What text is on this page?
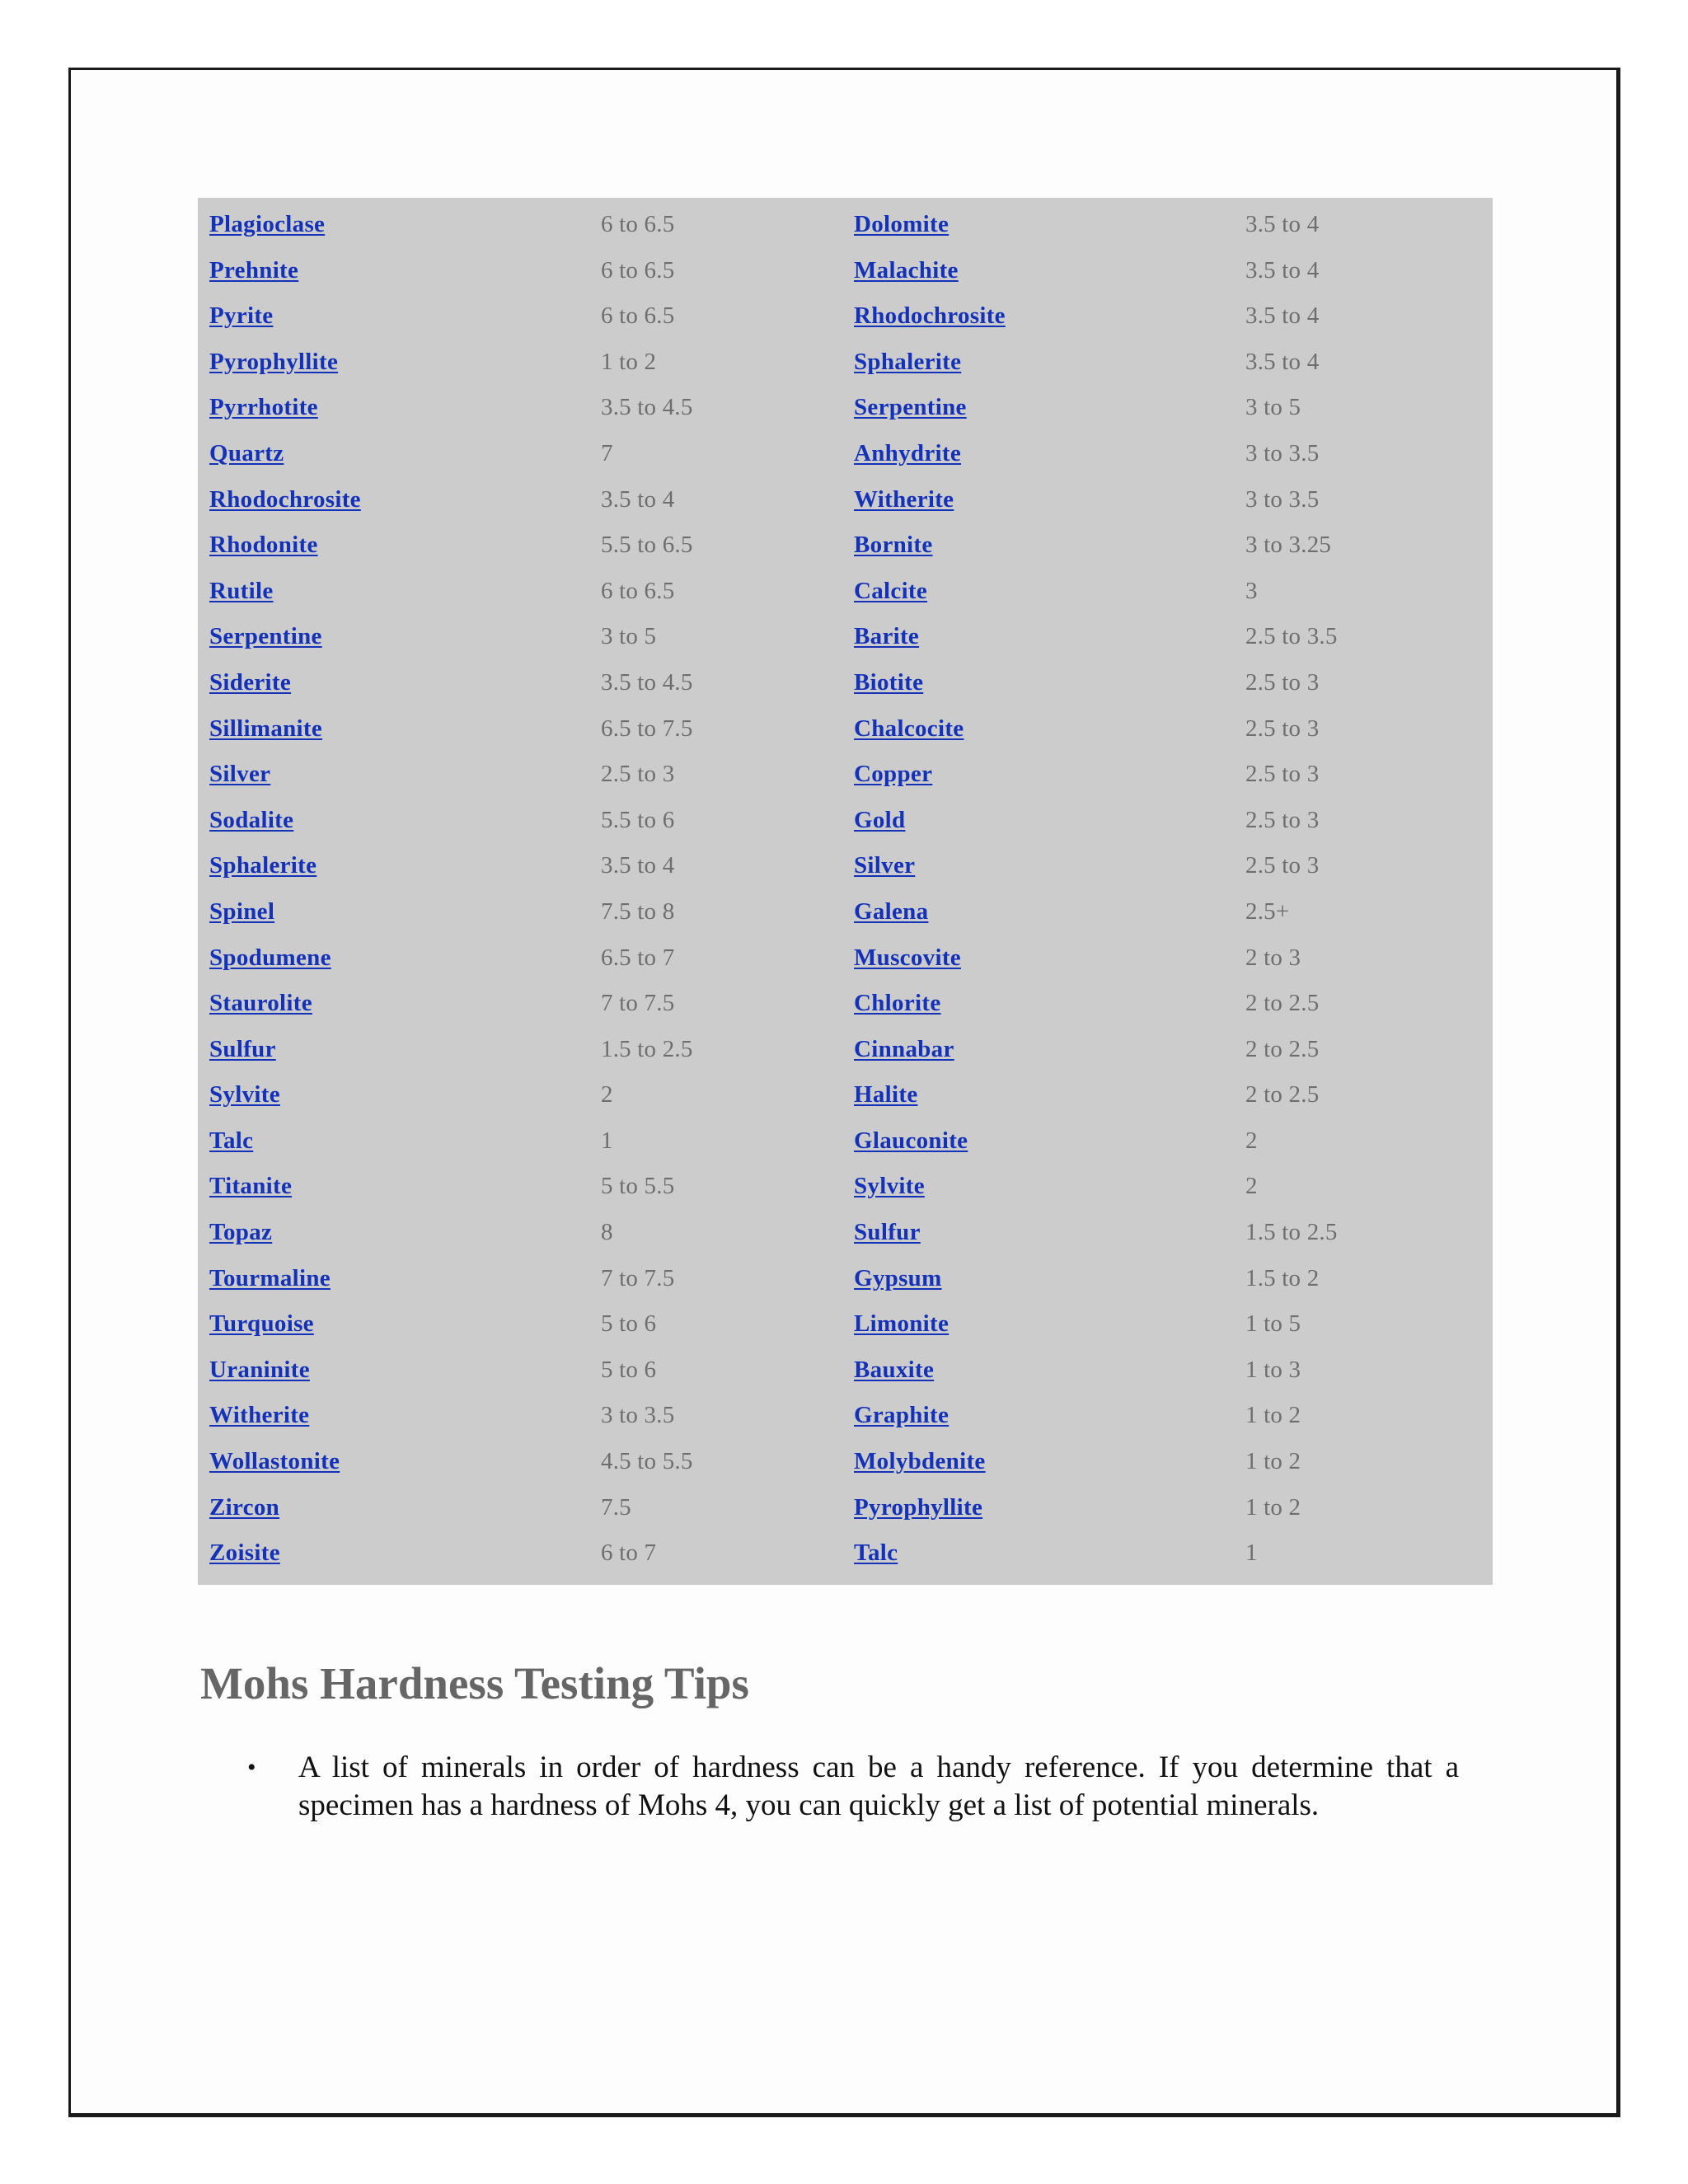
Plagioclase	6 to 6.5	Dolomite	3.5 to 4
Prehnite	6 to 6.5	Malachite	3.5 to 4
Pyrite	6 to 6.5	Rhodochrosite	3.5 to 4
Pyrophyllite	1 to 2	Sphalerite	3.5 to 4
Pyrrhotite	3.5 to 4.5	Serpentine	3 to 5
Quartz	7	Anhydrite	3 to 3.5
Rhodochrosite	3.5 to 4	Witherite	3 to 3.5
Rhodonite	5.5 to 6.5	Bornite	3 to 3.25
Rutile	6 to 6.5	Calcite	3
Serpentine	3 to 5	Barite	2.5 to 3.5
Siderite	3.5 to 4.5	Biotite	2.5 to 3
Sillimanite	6.5 to 7.5	Chalcocite	2.5 to 3
Silver	2.5 to 3	Copper	2.5 to 3
Sodalite	5.5 to 6	Gold	2.5 to 3
Sphalerite	3.5 to 4	Silver	2.5 to 3
Spinel	7.5 to 8	Galena	2.5+
Spodumene	6.5 to 7	Muscovite	2 to 3
Staurolite	7 to 7.5	Chlorite	2 to 2.5
Sulfur	1.5 to 2.5	Cinnabar	2 to 2.5
Sylvite	2	Halite	2 to 2.5
Talc	1	Glauconite	2
Titanite	5 to 5.5	Sylvite	2
Topaz	8	Sulfur	1.5 to 2.5
Tourmaline	7 to 7.5	Gypsum	1.5 to 2
Turquoise	5 to 6	Limonite	1 to 5
Uraninite	5 to 6	Bauxite	1 to 3
Witherite	3 to 3.5	Graphite	1 to 2
Wollastonite	4.5 to 5.5	Molybdenite	1 to 2
Zircon	7.5	Pyrophyllite	1 to 2
Zoisite	6 to 7	Talc	1
Mohs Hardness Testing Tips
• A list of minerals in order of hardness can be a handy reference. If you determine that a specimen has a hardness of Mohs 4, you can quickly get a list of potential minerals.
